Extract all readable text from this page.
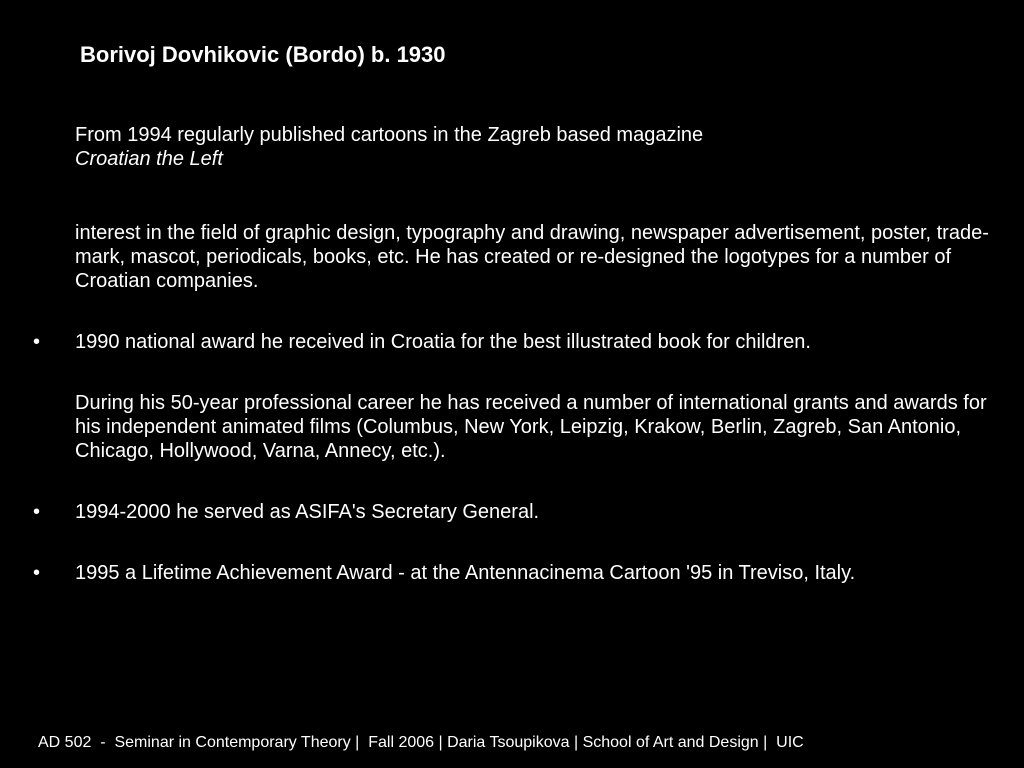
Borivoj Dovhikovic (Bordo) b. 1930

From 1994 regularly published cartoons in the Zagreb based magazine
Croatian the Left

interest in the field of graphic design, typography and drawing, newspaper advertisement, poster, trade-mark, mascot, periodicals, books, etc. He has created or re-designed the logotypes for a number of Croatian companies.

•	1990 national award he received in Croatia for the best illustrated book for children.

During his 50-year professional career he has received a number of international grants and awards for his independent animated films (Columbus, New York, Leipzig, Krakow, Berlin, Zagreb, San Antonio, Chicago, Hollywood, Varna, Annecy, etc.).

•	1994-2000 he served as ASIFA's Secretary General.

•	1995 a Lifetime Achievement Award - at the Antennacinema Cartoon '95 in Treviso, Italy.

AD 502  -  Seminar in Contemporary Theory |  Fall 2006 | Daria Tsoupikova | School of Art and Design |  UIC
